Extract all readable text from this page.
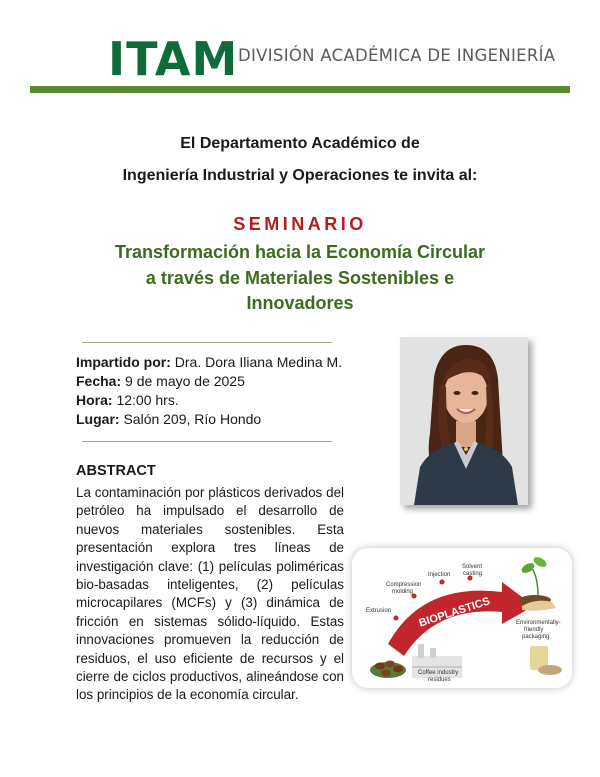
ITAM DIVISIÓN ACADÉMICA DE INGENIERÍA
El Departamento Académico de
Ingeniería Industrial y Operaciones te invita al:
SEMINARIO
Transformación hacia la Economía Circular
a través de Materiales Sostenibles e
Innovadores
Impartido por: Dra. Dora Iliana Medina M.
Fecha: 9 de mayo de 2025
Hora: 12:00 hrs.
Lugar: Salón 209, Río Hondo
ABSTRACT
La contaminación por plásticos derivados del petróleo ha impulsado el desarrollo de nuevos materiales sostenibles. Esta presentación explora tres líneas de investigación clave: (1) películas poliméricas bio-basadas inteligentes, (2) películas microcapilares (MCFs) y (3) dinámica de fricción en sistemas sólido-líquido. Estas innovaciones promueven la reducción de residuos, el uso eficiente de recursos y el cierre de ciclos productivos, alineándose con los principios de la economía circular.
BIOPLASTICS
Extrusion
Compression
molding
Injection
Solvent
casting
Environmentally-
friendly
packaging
Coffee industry
residues
